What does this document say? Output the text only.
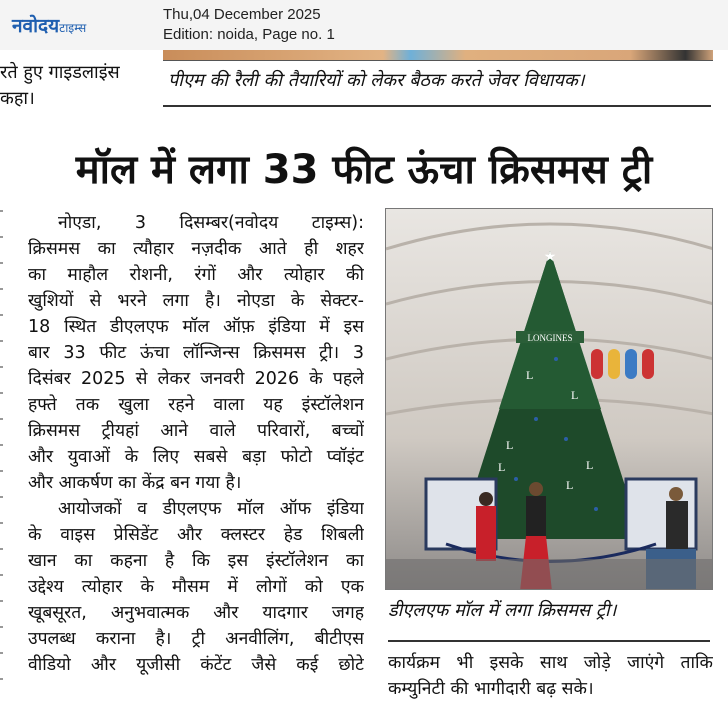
नवोदयटाइम्स
Thu,04 December 2025
Edition: noida, Page no. 1
रते हुए गाइडलाइंस
कहा।
पीएम की रैली की तैयारियों को लेकर बैठक करते जेवर विधायक।
मॉल में लगा 33 फीट ऊंचा क्रिसमस ट्री
नोएडा, 3 दिसम्बर(नवोदय टाइम्स):
क्रिसमस का त्यौहार नज़दीक आते ही शहर
का माहौल रोशनी, रंगों और त्योहार की
खुशियों से भरने लगा है। नोएडा के सेक्टर-
18 स्थित डीएलएफ मॉल ऑफ़ इंडिया में इस
बार 33 फीट ऊंचा लॉन्जिन्स क्रिसमस ट्री। 3
दिसंबर 2025 से लेकर जनवरी 2026 के पहले
हफ्ते तक खुला रहने वाला यह इंस्टॉलेशन
क्रिसमस ट्रीयहां आने वाले परिवारों, बच्चों
और युवाओं के लिए सबसे बड़ा फोटो प्वॉइंट
और आकर्षण का केंद्र बन गया है।
आयोजकों व डीएलएफ मॉल ऑफ इंडिया
के वाइस प्रेसिडेंट और क्लस्टर हेड शिबली
खान का कहना है कि इस इंस्टॉलेशन का
उद्देश्य त्योहार के मौसम में लोगों को एक
खूबसूरत, अनुभवात्मक और यादगार जगह
उपलब्ध कराना है। ट्री अनवीलिंग, बीटीएस
वीडियो और यूजीसी कंटेंट जैसे कई छोटे
★
LONGINES
L
L
L
L
L
L
डीएलएफ मॉल में लगा क्रिसमस ट्री।
कार्यक्रम भी इसके साथ जोड़े जाएंगे ताकि
कम्युनिटी की भागीदारी बढ़ सके।
